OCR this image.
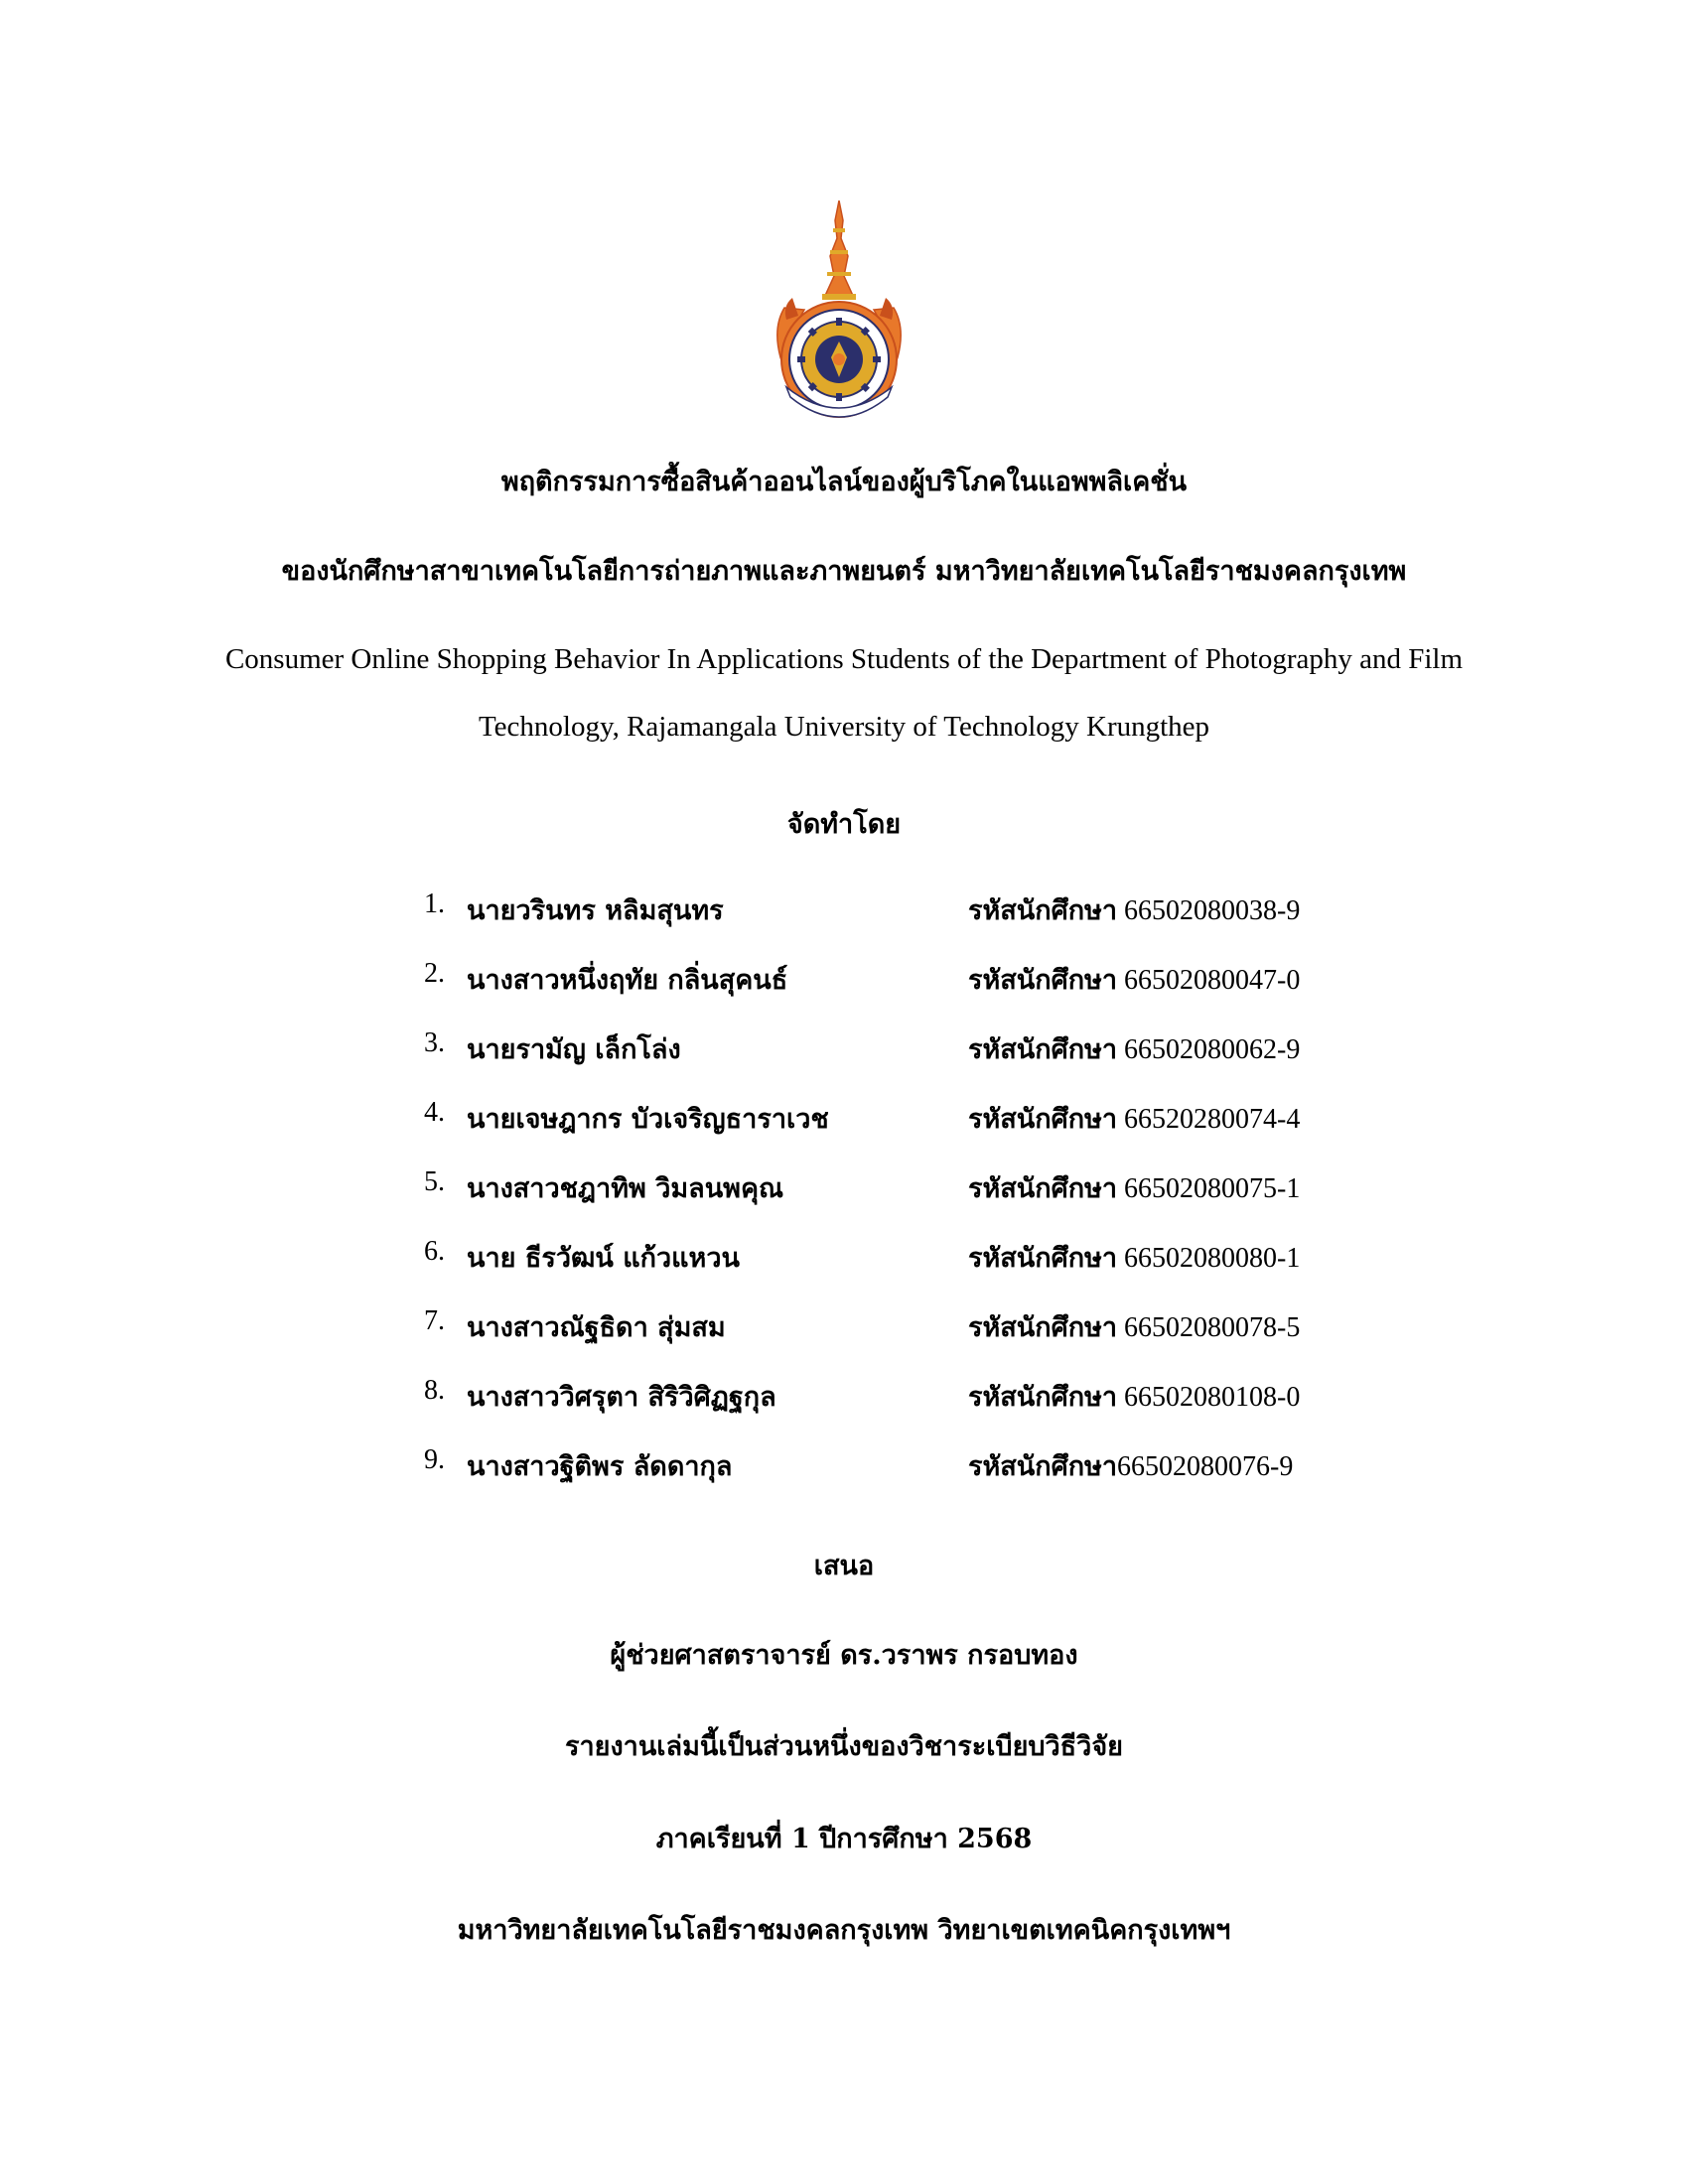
พฤติกรรมการซื้อสินค้าออนไลน์ของผู้บริโภคในแอพพลิเคชั่น
ของนักศึกษาสาขาเทคโนโลยีการถ่ายภาพและภาพยนตร์ มหาวิทยาลัยเทคโนโลยีราชมงคลกรุงเทพ
Consumer Online Shopping Behavior In Applications Students of the Department of Photography and Film
Technology, Rajamangala University of Technology Krungthep
จัดทำโดย
1. นายวรินทร หลิมสุนทร	รหัสนักศึกษา 66502080038-9
2. นางสาวหนึ่งฤทัย กลิ่นสุคนธ์	รหัสนักศึกษา 66502080047-0
3. นายรามัญ เล็กโล่ง	รหัสนักศึกษา 66502080062-9
4. นายเจษฎากร บัวเจริญธาราเวช	รหัสนักศึกษา 66520280074-4
5. นางสาวชฎาทิพ วิมลนพคุณ	รหัสนักศึกษา 66502080075-1
6. นาย ธีรวัฒน์ แก้วแหวน	รหัสนักศึกษา 66502080080-1
7. นางสาวณัฐธิดา สุ่มสม	รหัสนักศึกษา 66502080078-5
8. นางสาววิศรุตา สิริวิศิฏฐกุล	รหัสนักศึกษา 66502080108-0
9. นางสาวฐิติพร ลัดดากุล	รหัสนักศึกษา66502080076-9
เสนอ
ผู้ช่วยศาสตราจารย์ ดร.วราพร กรอบทอง
รายงานเล่มนี้เป็นส่วนหนึ่งของวิชาระเบียบวิธีวิจัย
ภาคเรียนที่ 1 ปีการศึกษา 2568
มหาวิทยาลัยเทคโนโลยีราชมงคลกรุงเทพ วิทยาเขตเทคนิคกรุงเทพฯ
